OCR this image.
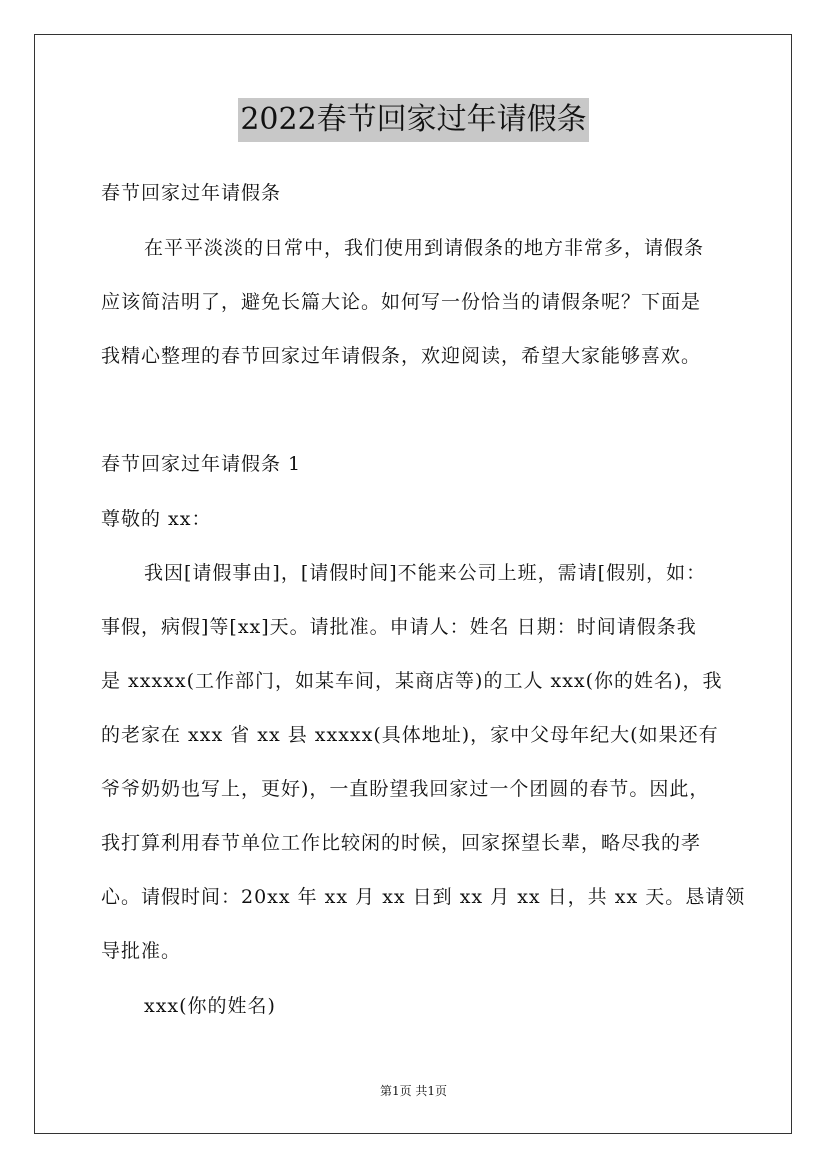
2022春节回家过年请假条
春节回家过年请假条
在平平淡淡的日常中，我们使用到请假条的地方非常多，请假条
应该简洁明了，避免长篇大论。如何写一份恰当的请假条呢？下面是
我精心整理的春节回家过年请假条，欢迎阅读，希望大家能够喜欢。
春节回家过年请假条 1
尊敬的 xx：
我因[请假事由]，[请假时间]不能来公司上班，需请[假别，如：
事假，病假]等[xx]天。请批准。申请人：姓名 日期：时间请假条我
是 xxxxx(工作部门，如某车间，某商店等)的工人 xxx(你的姓名)，我
的老家在 xxx 省 xx 县 xxxxx(具体地址)，家中父母年纪大(如果还有
爷爷奶奶也写上，更好)，一直盼望我回家过一个团圆的春节。因此，
我打算利用春节单位工作比较闲的时候，回家探望长辈，略尽我的孝
心。请假时间：20xx 年 xx 月 xx 日到 xx 月 xx 日，共 xx 天。恳请领
导批准。
xxx(你的姓名)
第1页 共1页
